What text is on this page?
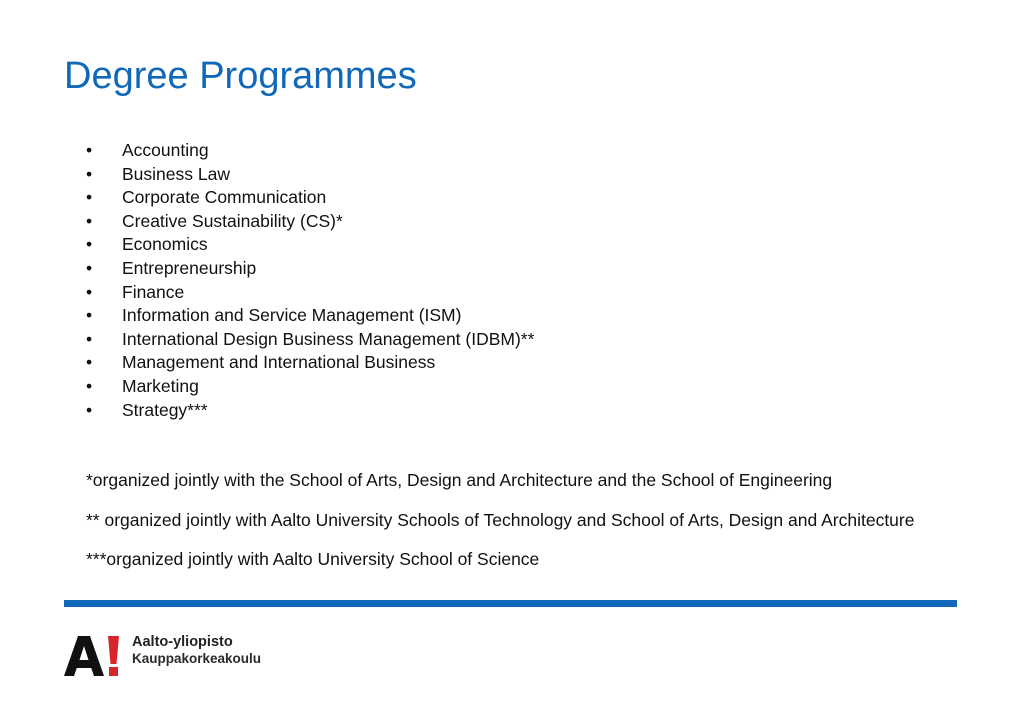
Degree Programmes
• Accounting
• Business Law
• Corporate Communication
• Creative Sustainability (CS)*
• Economics
• Entrepreneurship
• Finance
• Information and Service Management (ISM)
• International Design Business Management (IDBM)**
• Management and International Business
• Marketing
• Strategy***

*organized jointly with the School of Arts, Design and Architecture and the School of Engineering

** organized jointly with Aalto University Schools of Technology and School of Arts, Design and Architecture

***organized jointly with Aalto University School of Science

Aalto-yliopisto
Kauppakorkeakoulu
